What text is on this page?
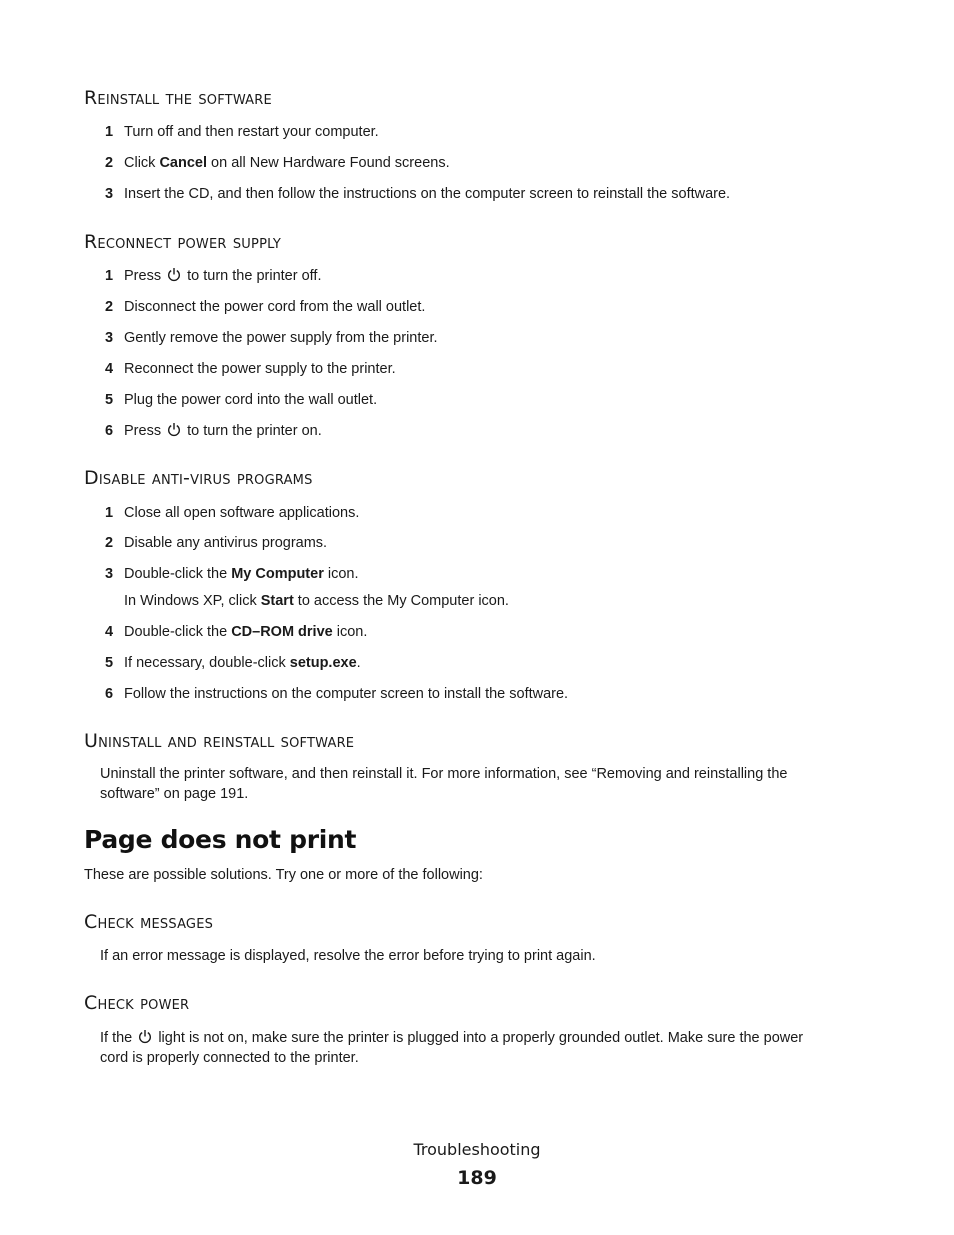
Reinstall the software
1 Turn off and then restart your computer.
2 Click Cancel on all New Hardware Found screens.
3 Insert the CD, and then follow the instructions on the computer screen to reinstall the software.
Reconnect power supply
1 Press to turn the printer off.
2 Disconnect the power cord from the wall outlet.
3 Gently remove the power supply from the printer.
4 Reconnect the power supply to the printer.
5 Plug the power cord into the wall outlet.
6 Press to turn the printer on.
Disable anti-virus programs
1 Close all open software applications.
2 Disable any antivirus programs.
3 Double-click the My Computer icon.
In Windows XP, click Start to access the My Computer icon.
4 Double-click the CD–ROM drive icon.
5 If necessary, double-click setup.exe.
6 Follow the instructions on the computer screen to install the software.
Uninstall and reinstall software
Uninstall the printer software, and then reinstall it. For more information, see “Removing and reinstalling the
software” on page 191.
Page does not print
These are possible solutions. Try one or more of the following:
Check messages
If an error message is displayed, resolve the error before trying to print again.
Check power
If the light is not on, make sure the printer is plugged into a properly grounded outlet. Make sure the power
cord is properly connected to the printer.
Troubleshooting
189
